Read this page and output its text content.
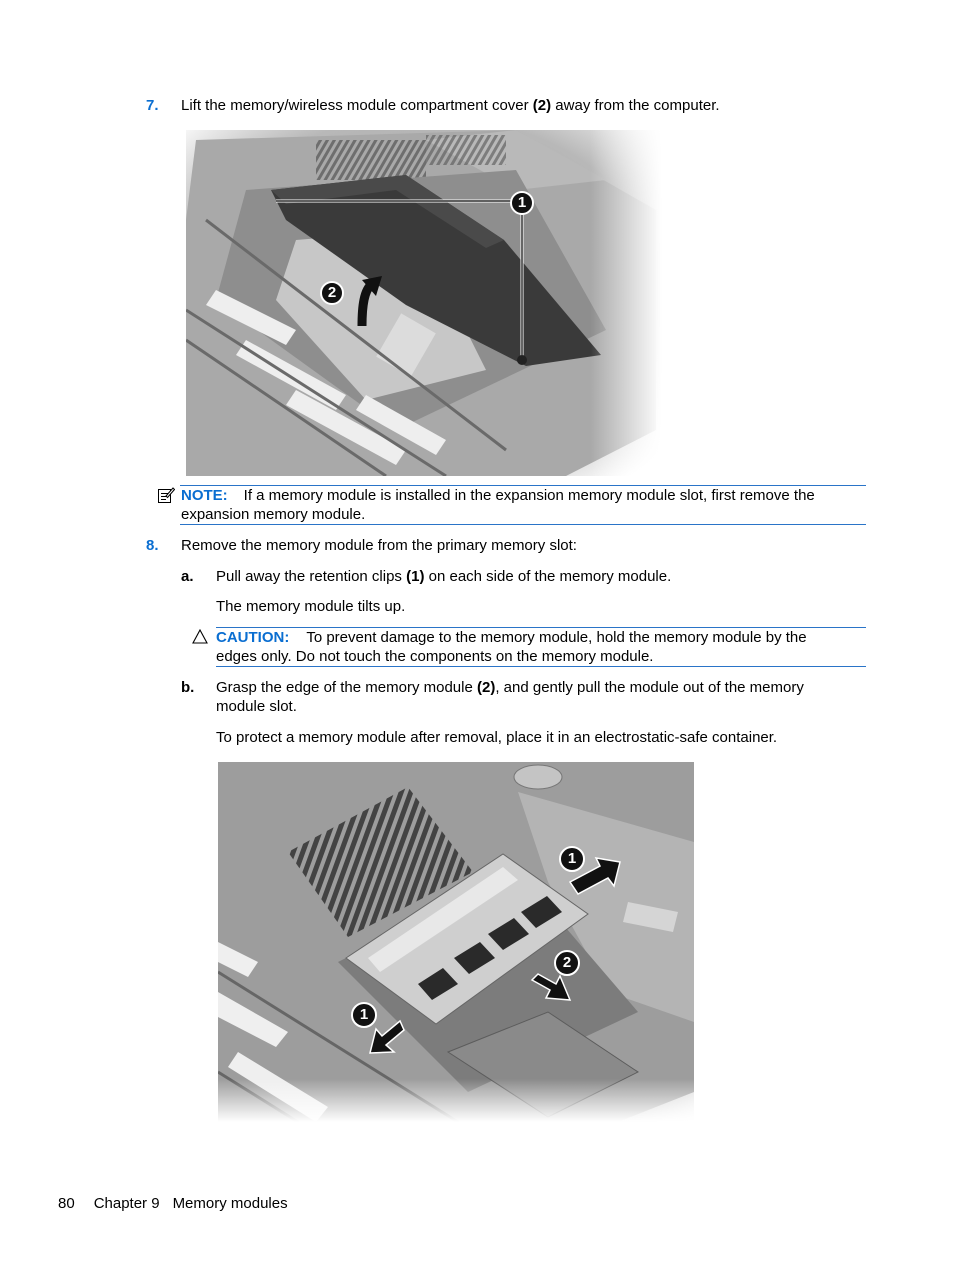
7. Lift the memory/wireless module compartment cover (2) away from the computer.
1
2
NOTE: If a memory module is installed in the expansion memory module slot, first remove the
expansion memory module.
8. Remove the memory module from the primary memory slot:
a. Pull away the retention clips (1) on each side of the memory module.
The memory module tilts up.
CAUTION: To prevent damage to the memory module, hold the memory module by the
edges only. Do not touch the components on the memory module.
b. Grasp the edge of the memory module (2), and gently pull the module out of the memory
module slot.
To protect a memory module after removal, place it in an electrostatic-safe container.
1
1
2
80 Chapter 9 Memory modules
